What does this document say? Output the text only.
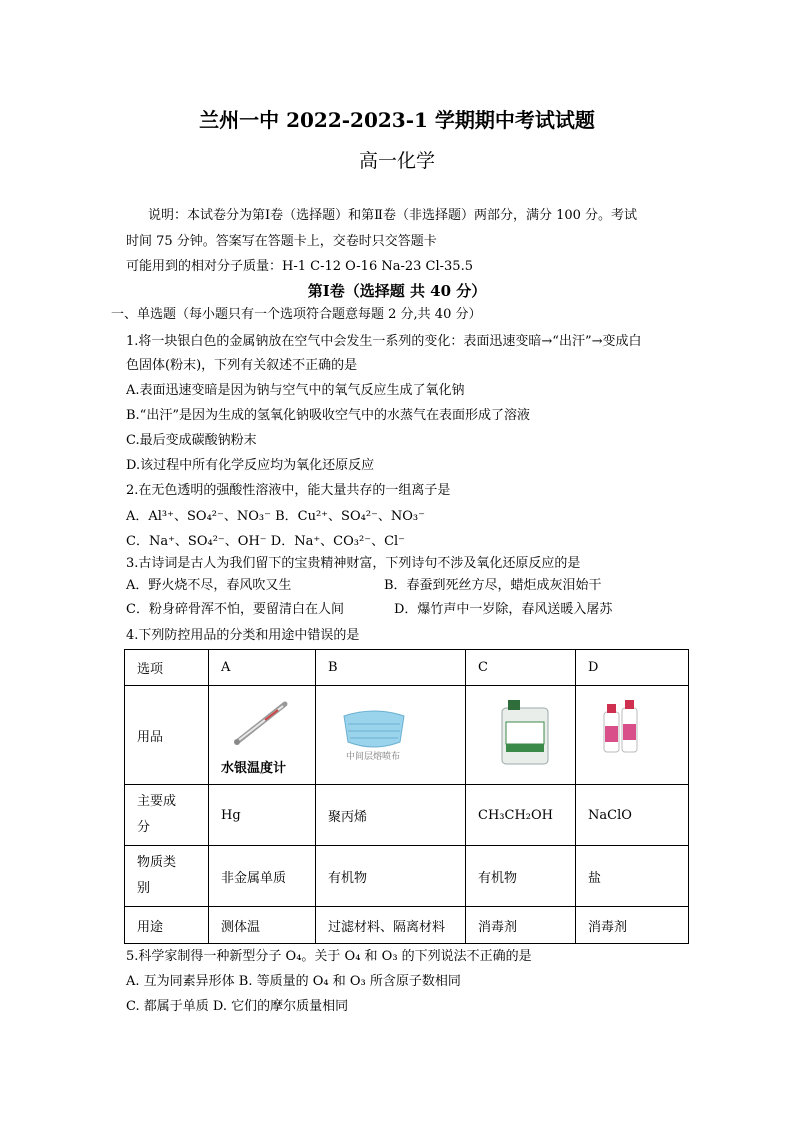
兰州一中 2022-2023-1 学期期中考试试题
高一化学
说明：本试卷分为第Ⅰ卷（选择题）和第Ⅱ卷（非选择题）两部分，满分 100 分。考试
时间 75 分钟。答案写在答题卡上，交卷时只交答题卡
可能用到的相对分子质量：H-1 C-12 O-16 Na-23 Cl-35.5
第Ⅰ卷（选择题 共 40 分）
一、单选题（每小题只有一个选项符合题意每题 2 分,共 40 分）
1.将一块银白色的金属钠放在空气中会发生一系列的变化：表面迅速变暗→“出汗”→变成白
色固体(粉末)，下列有关叙述不正确的是
A.表面迅速变暗是因为钠与空气中的氧气反应生成了氧化钠
B.“出汗”是因为生成的氢氧化钠吸收空气中的水蒸气在表面形成了溶液
C.最后变成碳酸钠粉末
D.该过程中所有化学反应均为氧化还原反应
2.在无色透明的强酸性溶液中，能大量共存的一组离子是
A．Al³⁺、SO₄²⁻、NO₃⁻ B．Cu²⁺、SO₄²⁻、NO₃⁻
C．Na⁺、SO₄²⁻、OH⁻ D．Na⁺、CO₃²⁻、Cl⁻
3.古诗词是古人为我们留下的宝贵精神财富，下列诗句不涉及氧化还原反应的是
A．野火烧不尽，春风吹又生	B．春蚕到死丝方尽，蜡炬成灰泪始干
C．粉身碎骨浑不怕，要留清白在人间	D．爆竹声中一岁除，春风送暖入屠苏
4.下列防控用品的分类和用途中错误的是
选项	A	B	C	D
用品	水银温度计	中间层熔喷布

主要成
分	Hg	聚丙烯	CH₃CH₂OH	NaClO
物质类
别	非金属单质	有机物	有机物	盐
用途	测体温	过滤材料、隔离材料	消毒剂	消毒剂
5.科学家制得一种新型分子 O₄。关于 O₄ 和 O₃ 的下列说法不正确的是
A. 互为同素异形体 B. 等质量的 O₄ 和 O₃ 所含原子数相同
C. 都属于单质 D. 它们的摩尔质量相同
